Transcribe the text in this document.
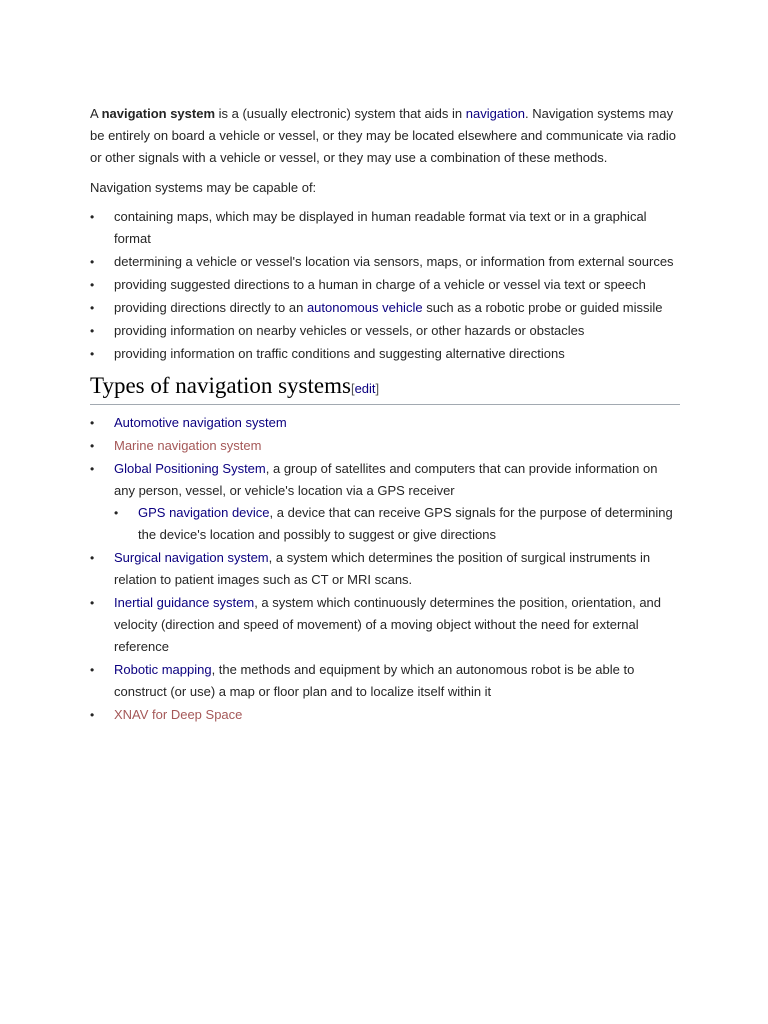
A navigation system is a (usually electronic) system that aids in navigation. Navigation systems may be entirely on board a vehicle or vessel, or they may be located elsewhere and communicate via radio or other signals with a vehicle or vessel, or they may use a combination of these methods.

Navigation systems may be capable of:

• containing maps, which may be displayed in human readable format via text or in a graphical format
• determining a vehicle or vessel's location via sensors, maps, or information from external sources
• providing suggested directions to a human in charge of a vehicle or vessel via text or speech
• providing directions directly to an autonomous vehicle such as a robotic probe or guided missile
• providing information on nearby vehicles or vessels, or other hazards or obstacles
• providing information on traffic conditions and suggesting alternative directions
Types of navigation systems[edit]
• Automotive navigation system
• Marine navigation system
• Global Positioning System, a group of satellites and computers that can provide information on any person, vessel, or vehicle's location via a GPS receiver
• GPS navigation device, a device that can receive GPS signals for the purpose of determining the device's location and possibly to suggest or give directions
• Surgical navigation system, a system which determines the position of surgical instruments in relation to patient images such as CT or MRI scans.
• Inertial guidance system, a system which continuously determines the position, orientation, and velocity (direction and speed of movement) of a moving object without the need for external reference
• Robotic mapping, the methods and equipment by which an autonomous robot is be able to construct (or use) a map or floor plan and to localize itself within it
• XNAV for Deep Space
